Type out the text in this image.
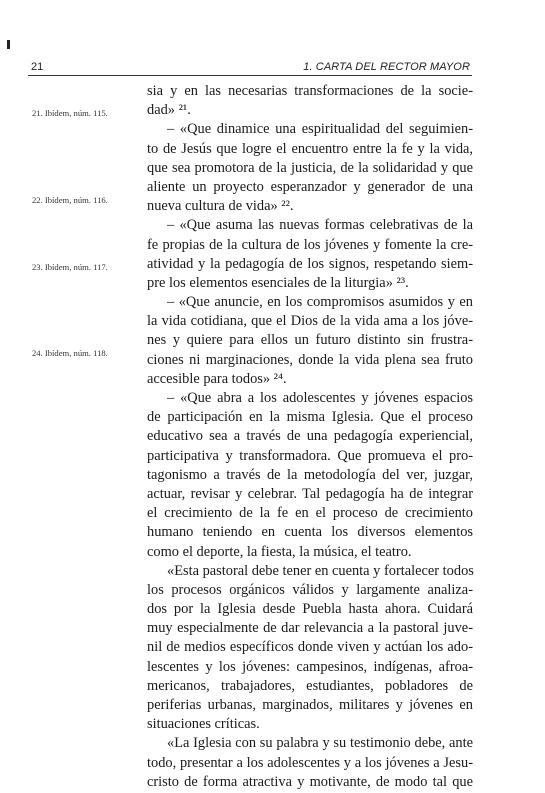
21	1. CARTA DEL RECTOR MAYOR
21. Ibídem, núm. 115.
22. Ibídem, núm. 116.
23. Ibídem, núm. 117.
24. Ibídem, núm. 118.
sia y en las necesarias transformaciones de la socie-
dad» ²¹.
– «Que dinamice una espiritualidad del seguimien-
to de Jesús que logre el encuentro entre la fe y la vida,
que sea promotora de la justicia, de la solidaridad y que
aliente un proyecto esperanzador y generador de una
nueva cultura de vida» ²².
– «Que asuma las nuevas formas celebrativas de la
fe propias de la cultura de los jóvenes y fomente la cre-
atividad y la pedagogía de los signos, respetando siem-
pre los elementos esenciales de la liturgia» ²³.
– «Que anuncie, en los compromisos asumidos y en
la vida cotidiana, que el Dios de la vida ama a los jóve-
nes y quiere para ellos un futuro distinto sin frustra-
ciones ni marginaciones, donde la vida plena sea fruto
accesible para todos» ²⁴.
– «Que abra a los adolescentes y jóvenes espacios
de participación en la misma Iglesia. Que el proceso
educativo sea a través de una pedagogía experiencial,
participativa y transformadora. Que promueva el pro-
tagonismo a través de la metodología del ver, juzgar,
actuar, revisar y celebrar. Tal pedagogía ha de integrar
el crecimiento de la fe en el proceso de crecimiento
humano teniendo en cuenta los diversos elementos
como el deporte, la fiesta, la música, el teatro.
«Esta pastoral debe tener en cuenta y fortalecer todos
los procesos orgánicos válidos y largamente analiza-
dos por la Iglesia desde Puebla hasta ahora. Cuidará
muy especialmente de dar relevancia a la pastoral juve-
nil de medios específicos donde viven y actúan los ado-
lescentes y los jóvenes: campesinos, indígenas, afroa-
mericanos, trabajadores, estudiantes, pobladores de
periferias urbanas, marginados, militares y jóvenes en
situaciones críticas.
«La Iglesia con su palabra y su testimonio debe, ante
todo, presentar a los adolescentes y a los jóvenes a Jesu-
cristo de forma atractiva y motivante, de modo tal que
